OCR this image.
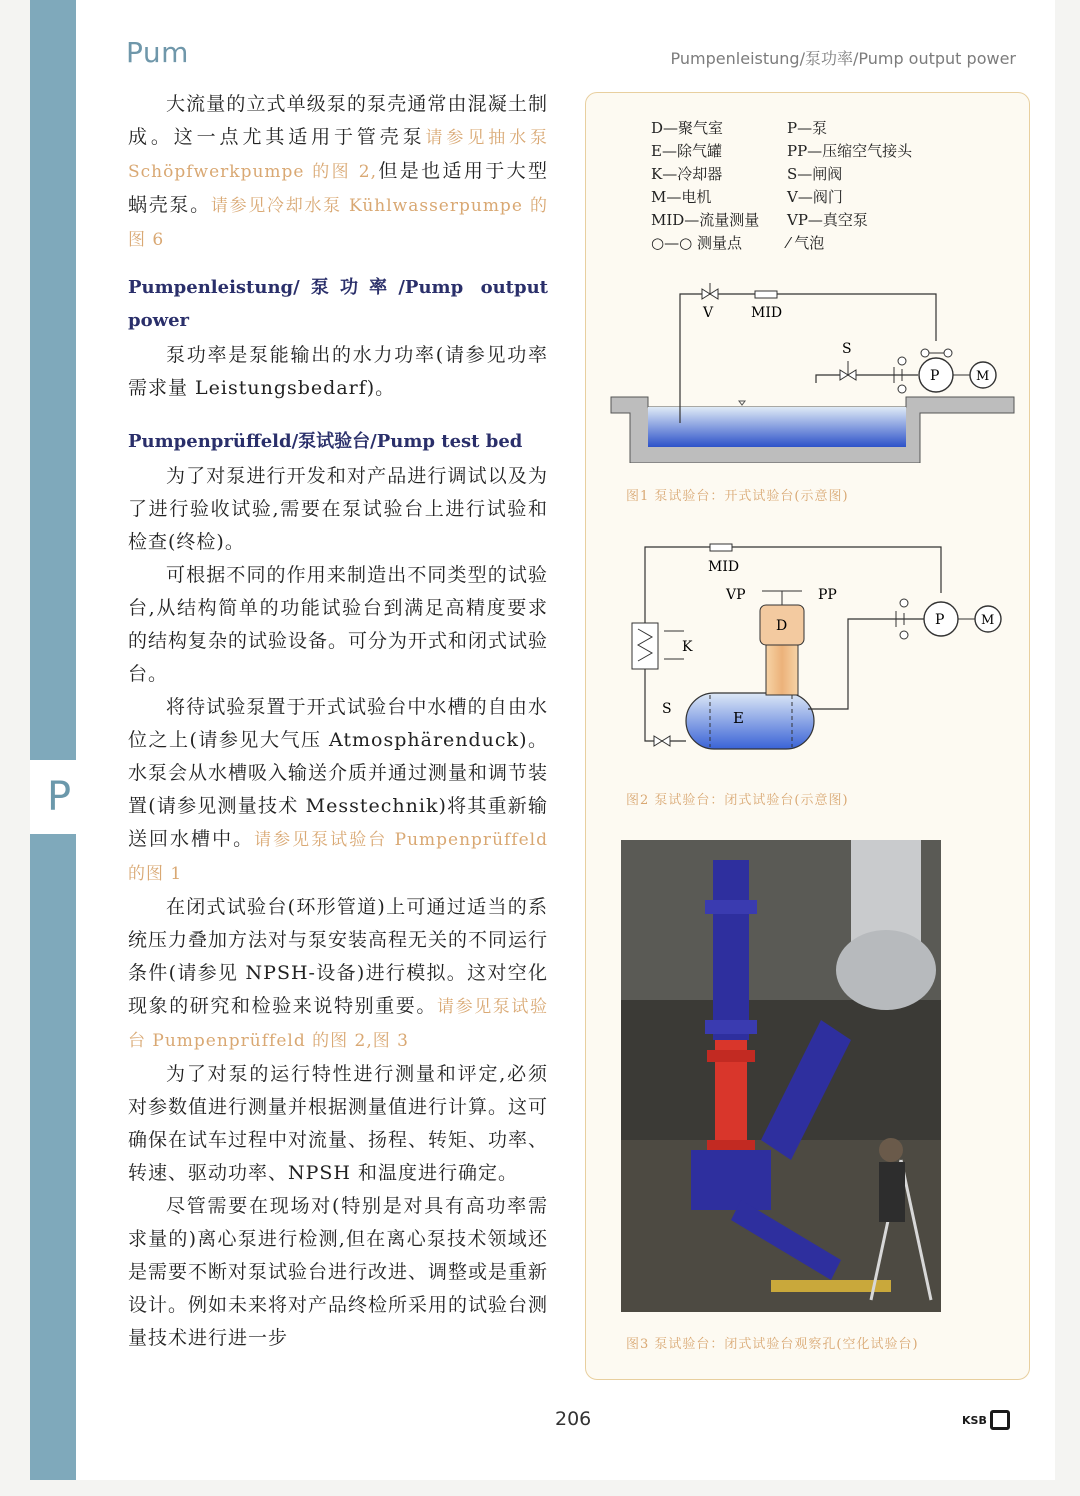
P
Pum	Pumpenleistung/泵功率/Pump output power

大流量的立式单级泵的泵壳通常由混凝土制成。这一点尤其适用于管壳泵请参见抽水泵 Schöpfwerkpumpe 的图 2,但是也适用于大型蜗壳泵。请参见冷却水泵 Kühlwasserpumpe 的图 6

Pumpenleistung/泵功率/Pump output power

泵功率是泵能输出的水力功率(请参见功率需求量 Leistungsbedarf)。

Pumpenprüffeld/泵试验台/Pump test bed

为了对泵进行开发和对产品进行调试以及为了进行验收试验,需要在泵试验台上进行试验和检查(终检)。

可根据不同的作用来制造出不同类型的试验台,从结构简单的功能试验台到满足高精度要求的结构复杂的试验设备。可分为开式和闭式试验台。

将待试验泵置于开式试验台中水槽的自由水位之上(请参见大气压 Atmosphärenduck)。水泵会从水槽吸入输送介质并通过测量和调节装置(请参见测量技术 Messtechnik)将其重新输送回水槽中。请参见泵试验台 Pumpenprüffeld 的图 1

在闭式试验台(环形管道)上可通过适当的系统压力叠加方法对与泵安装高程无关的不同运行条件(请参见 NPSH-设备)进行模拟。这对空化现象的研究和检验来说特别重要。请参见泵试验台 Pumpenprüffeld 的图 2,图 3

为了对泵的运行特性进行测量和评定,必须对参数值进行测量并根据测量值进行计算。这可确保在试车过程中对流量、扬程、转矩、功率、转速、驱动功率、NPSH 和温度进行确定。

尽管需要在现场对(特别是对具有高功率需求量的)离心泵进行检测,但在离心泵技术领域还是需要不断对泵试验台进行改进、调整或是重新设计。例如未来将对产品终检所采用的试验台测量技术进行进一步

D—聚气室	P—泵
E—除气罐	PP—压缩空气接头
K—冷却器	S—闸阀
M—电机	V—阀门
MID—流量测量	VP—真空泵
○—○ 测量点	⁄ 气泡
V	MID
S
P	M
图1 泵试验台：开式试验台(示意图)
MID
K
S	E
D
VP	PP
P	M
图2 泵试验台：闭式试验台(示意图)
图3 泵试验台：闭式试验台观察孔(空化试验台)
206	KSB
